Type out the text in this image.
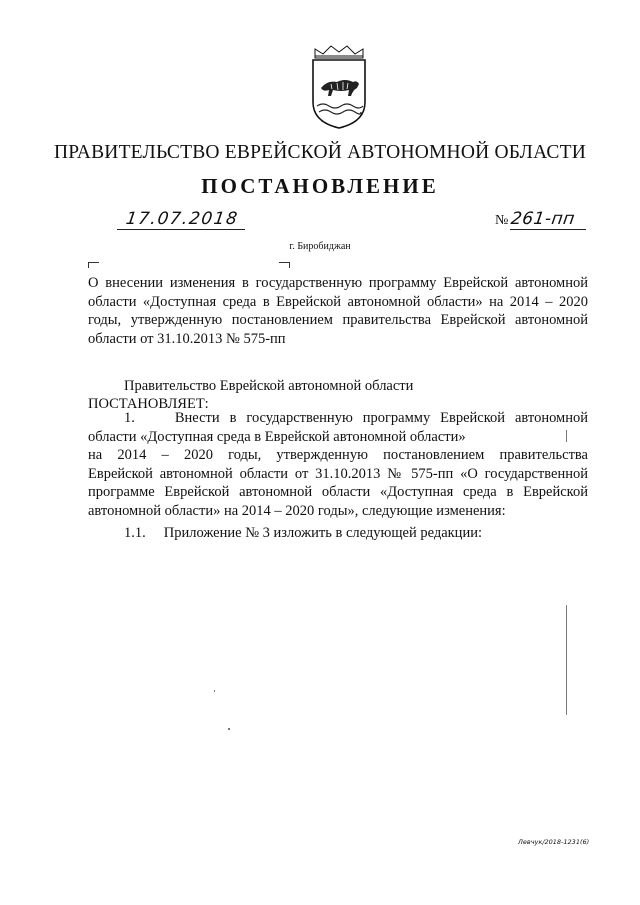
ПРАВИТЕЛЬСТВО ЕВРЕЙСКОЙ АВТОНОМНОЙ ОБЛАСТИ
ПОСТАНОВЛЕНИЕ
17.07.2018	№ 261-пп
г. Биробиджан
О внесении изменения в государственную программу Еврейской автономной области «Доступная среда в Еврейской автономной области» на 2014 – 2020 годы, утвержденную постановлением правительства Еврейской автономной области от 31.10.2013 № 575-пп
Правительство Еврейской автономной области
ПОСТАНОВЛЯЕТ:
1.	Внести в государственную программу Еврейской автономной
области «Доступная среда в Еврейской автономной области»
на 2014 – 2020 годы, утвержденную постановлением правительства
Еврейской автономной области от 31.10.2013 № 575-пп «О государственной
программе Еврейской автономной области «Доступная среда в Еврейской
автономной области» на 2014 – 2020 годы», следующие изменения:
1.1. Приложение № 3 изложить в следующей редакции:
Левчук/2018-1231(6)
